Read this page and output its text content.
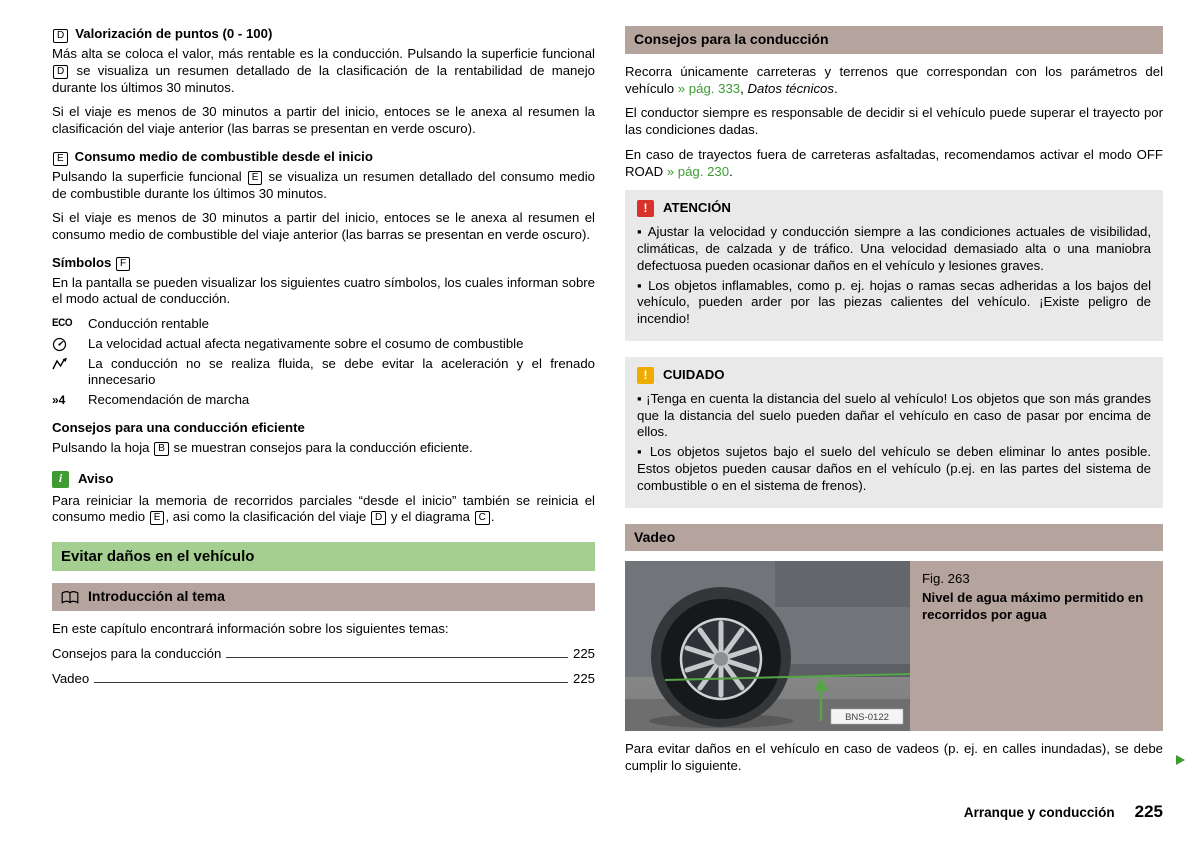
D Valorización de puntos (0 - 100)

Más alta se coloca el valor, más rentable es la conducción. Pulsando la superficie funcional D se visualiza un resumen detallado de la clasificación de la rentabilidad de manejo durante los últimos 30 minutos.

Si el viaje es menos de 30 minutos a partir del inicio, entoces se le anexa al resumen la clasificación del viaje anterior (las barras se presentan en verde oscuro).

E Consumo medio de combustible desde el inicio

Pulsando la superficie funcional E se visualiza un resumen detallado del consumo medio de combustible durante los últimos 30 minutos.

Si el viaje es menos de 30 minutos a partir del inicio, entoces se le anexa al resumen el consumo medio de combustible del viaje anterior (las barras se presentan en verde oscuro).

Símbolos F

En la pantalla se pueden visualizar los siguientes cuatro símbolos, los cuales informan sobre el modo actual de conducción.

ECO Conducción rentable
La velocidad actual afecta negativamente sobre el cosumo de combustible
La conducción no se realiza fluida, se debe evitar la aceleración y el frenado innecesario
»4 Recomendación de marcha
Consejos para una conducción eficiente

Pulsando la hoja B se muestran consejos para la conducción eficiente.

i	Aviso

Para reiniciar la memoria de recorridos parciales “desde el inicio” también se reinicia el consumo medio E , asi como la clasificación del viaje D y el diagrama C .

Evitar daños en el vehículo
Introducción al tema

En este capítulo encontrará información sobre los siguientes temas:

Consejos para la conducción	225
Vadeo	225
Consejos para la conducción

Recorra únicamente carreteras y terrenos que correspondan con los parámetros del vehículo » pág. 333, Datos técnicos.

El conductor siempre es responsable de decidir si el vehículo puede superar el trayecto por las condiciones dadas.

En caso de trayectos fuera de carreteras asfaltadas, recomendamos activar el modo OFF ROAD » pág. 230.

!	ATENCIÓN

▪ Ajustar la velocidad y conducción siempre a las condiciones actuales de visibilidad, climáticas, de calzada y de tráfico. Una velocidad demasiado alta o una maniobra defectuosa pueden ocasionar daños en el vehículo y lesiones graves.

▪ Los objetos inflamables, como p. ej. hojas o ramas secas adheridas a los bajos del vehículo, pueden arder por las piezas calientes del vehículo. ¡Existe peligro de incendio!

!	CUIDADO

▪ ¡Tenga en cuenta la distancia del suelo al vehículo! Los objetos que son más grandes que la distancia del suelo pueden dañar el vehículo en caso de pasar por encima de ellos.

▪ Los objetos sujetos bajo el suelo del vehículo se deben eliminar lo antes posible. Estos objetos pueden causar daños en el vehículo (p.ej. en las partes del sistema de combustible o en el sistema de frenos).

Vadeo
BNS-0122
Fig. 263
Nivel de agua máximo permitido en recorridos por agua

Para evitar daños en el vehículo en caso de vadeos (p. ej. en calles inundadas), se debe cumplir lo siguiente.

Arranque y conducción 225
